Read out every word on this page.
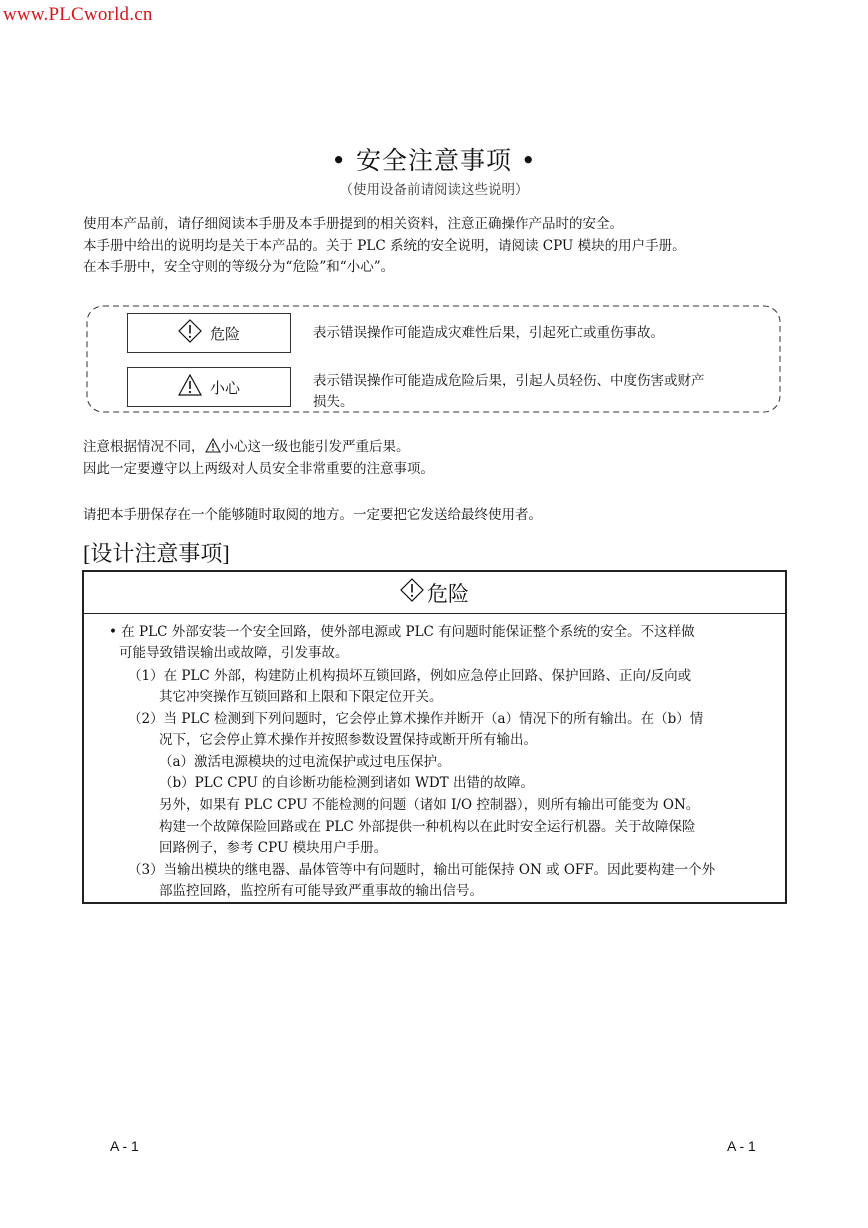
www.PLCworld.cn
• 安全注意事项 •
（使用设备前请阅读这些说明）
使用本产品前，请仔细阅读本手册及本手册提到的相关资料，注意正确操作产品时的安全。
本手册中给出的说明均是关于本产品的。关于 PLC 系统的安全说明，请阅读 CPU 模块的用户手册。
在本手册中，安全守则的等级分为“危险”和“小心”。
危险	表示错误操作可能造成灾难性后果，引起死亡或重伤事故。
小心	表示错误操作可能造成危险后果，引起人员轻伤、中度伤害或财产
损失。
注意根据情况不同， 小心这一级也能引发严重后果。
因此一定要遵守以上两级对人员安全非常重要的注意事项。
请把本手册保存在一个能够随时取阅的地方。一定要把它发送给最终使用者。
[设计注意事项]
危险
• 在 PLC 外部安装一个安全回路，使外部电源或 PLC 有问题时能保证整个系统的安全。不这样做
可能导致错误输出或故障，引发事故。
（1）在 PLC 外部，构建防止机构损坏互锁回路，例如应急停止回路、保护回路、正向/反向或
其它冲突操作互锁回路和上限和下限定位开关。
（2）当 PLC 检测到下列问题时，它会停止算术操作并断开（a）情况下的所有输出。在（b）情
况下，它会停止算术操作并按照参数设置保持或断开所有输出。
（a）激活电源模块的过电流保护或过电压保护。
（b）PLC CPU 的自诊断功能检测到诸如 WDT 出错的故障。
另外，如果有 PLC CPU 不能检测的问题（诸如 I/O 控制器），则所有输出可能变为 ON。
构建一个故障保险回路或在 PLC 外部提供一种机构以在此时安全运行机器。关于故障保险
回路例子，参考 CPU 模块用户手册。
（3）当输出模块的继电器、晶体管等中有问题时，输出可能保持 ON 或 OFF。因此要构建一个外
部监控回路，监控所有可能导致严重事故的输出信号。
A - 1	A - 1
